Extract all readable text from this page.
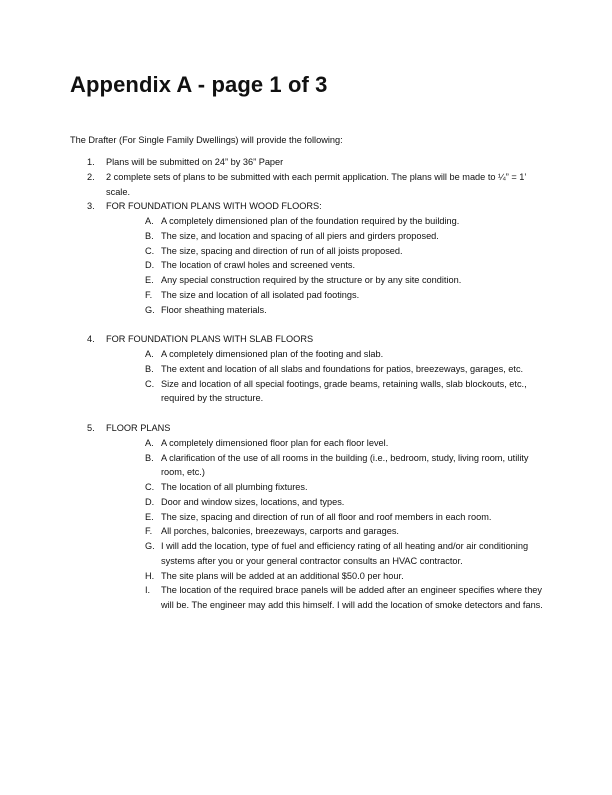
Appendix A - page 1 of 3

The Drafter (For Single Family Dwellings) will provide the following:

1.	Plans will be submitted on 24” by 36” Paper
2.	2 complete sets of plans to be submitted with each permit application. The plans will be made to ¼” = 1’ scale.
3.	FOR FOUNDATION PLANS WITH WOOD FLOORS:
A. A completely dimensioned plan of the foundation required by the building.
B. The size, and location and spacing of all piers and girders proposed.
C. The size, spacing and direction of run of all joists proposed.
D. The location of crawl holes and screened vents.
E. Any special construction required by the structure or by any site condition.
F. The size and location of all isolated pad footings.
G. Floor sheathing materials.
4.	FOR FOUNDATION PLANS WITH SLAB FLOORS
A. A completely dimensioned plan of the footing and slab.
B. The extent and location of all slabs and foundations for patios, breezeways, garages, etc.
C. Size and location of all special footings, grade beams, retaining walls, slab blockouts, etc., required by the structure.
5.	FLOOR PLANS
A. A completely dimensioned floor plan for each floor level.
B. A clarification of the use of all rooms in the building (i.e., bedroom, study, living room, utility room, etc.)
C. The location of all plumbing fixtures.
D. Door and window sizes, locations, and types.
E. The size, spacing and direction of run of all floor and roof members in each room.
F. All porches, balconies, breezeways, carports and garages.
G. I will add the location, type of fuel and efficiency rating of all heating and/or air conditioning systems after you or your general contractor consults an HVAC contractor.
H. The site plans will be added at an additional $50.0 per hour.
I.	The location of the required brace panels will be added after an engineer specifies where they will be. The engineer may add this himself. I will add the location of smoke detectors and fans.
